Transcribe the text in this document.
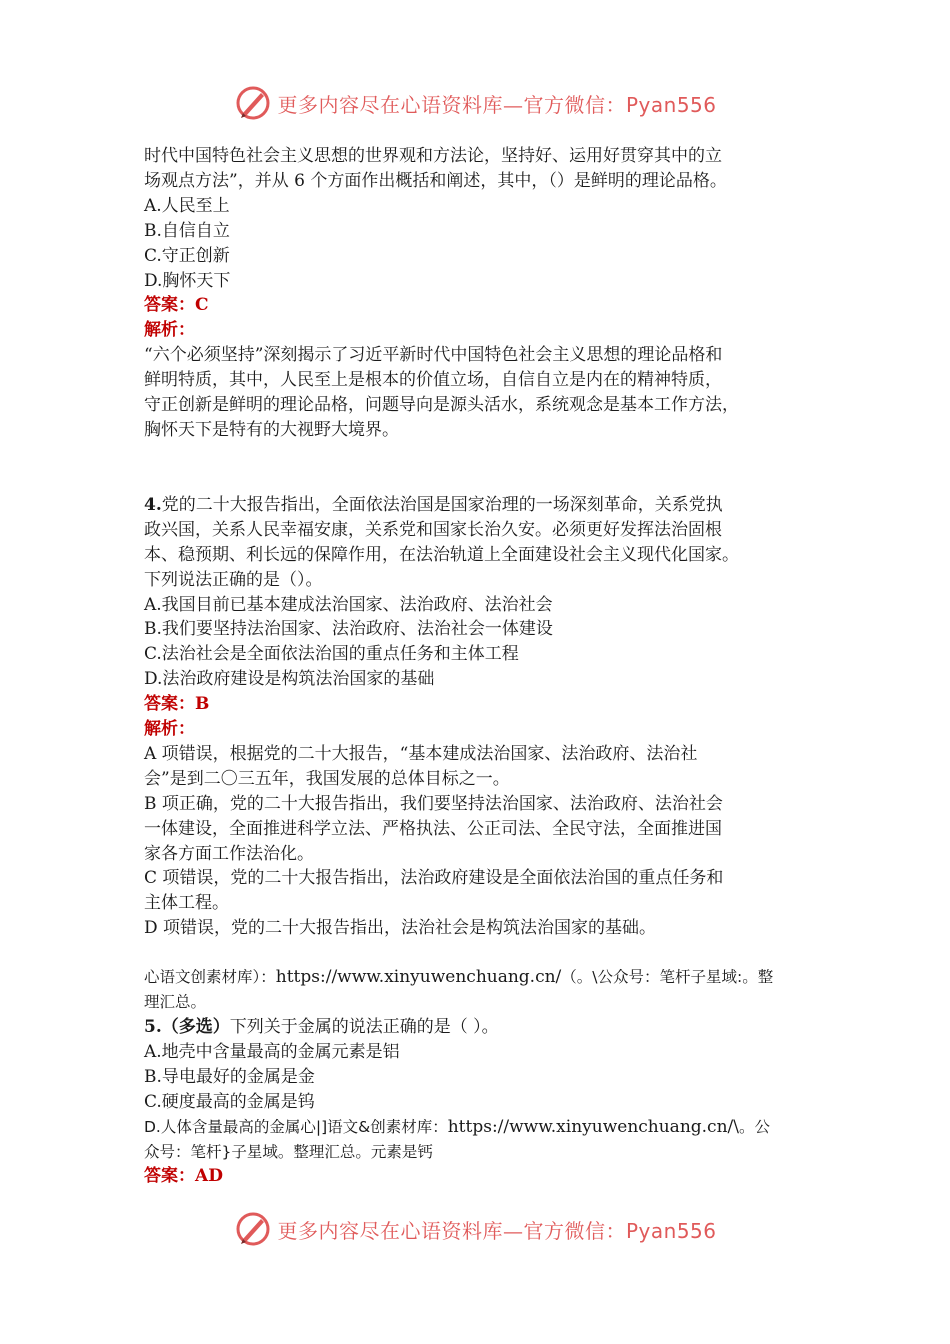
更多内容尽在心语资料库—官方微信：Pyan556

时代中国特色社会主义思想的世界观和方法论，坚持好、运用好贯穿其中的立

场观点方法”，并从 6 个方面作出概括和阐述，其中，（）是鲜明的理论品格。

A.人民至上

B.自信自立

C.守正创新

D.胸怀天下

答案：C

解析：

“六个必须坚持”深刻揭示了习近平新时代中国特色社会主义思想的理论品格和

鲜明特质，其中，人民至上是根本的价值立场，自信自立是内在的精神特质，

守正创新是鲜明的理论品格，问题导向是源头活水，系统观念是基本工作方法，

胸怀天下是特有的大视野大境界。

4.党的二十大报告指出，全面依法治国是国家治理的一场深刻革命，关系党执

政兴国，关系人民幸福安康，关系党和国家长治久安。必须更好发挥法治固根

本、稳预期、利长远的保障作用，在法治轨道上全面建设社会主义现代化国家。

下列说法正确的是（）。

A.我国目前已基本建成法治国家、法治政府、法治社会

B.我们要坚持法治国家、法治政府、法治社会一体建设

C.法治社会是全面依法治国的重点任务和主体工程

D.法治政府建设是构筑法治国家的基础

答案：B

解析：

A 项错误，根据党的二十大报告，“基本建成法治国家、法治政府、法治社

会”是到二〇三五年，我国发展的总体目标之一。

B 项正确，党的二十大报告指出，我们要坚持法治国家、法治政府、法治社会

一体建设，全面推进科学立法、严格执法、公正司法、全民守法，全面推进国

家各方面工作法治化。

C 项错误，党的二十大报告指出，法治政府建设是全面依法治国的重点任务和

主体工程。

D 项错误，党的二十大报告指出，法治社会是构筑法治国家的基础。

心语文创素材库）：https://www.xinyuwenchuang.cn/（。\公众号：笔杆子星域:。整

理汇总。

5.（多选）下列关于金属的说法正确的是（ ）。

A.地壳中含量最高的金属元素是铝

B.导电最好的金属是金

C.硬度最高的金属是钨

D.人体含量最高的金属心|]语文&创素材库：https://www.xinyuwenchuang.cn/\。公

众号：笔杆}子星域。整理汇总。元素是钙

答案：AD

更多内容尽在心语资料库—官方微信：Pyan556
